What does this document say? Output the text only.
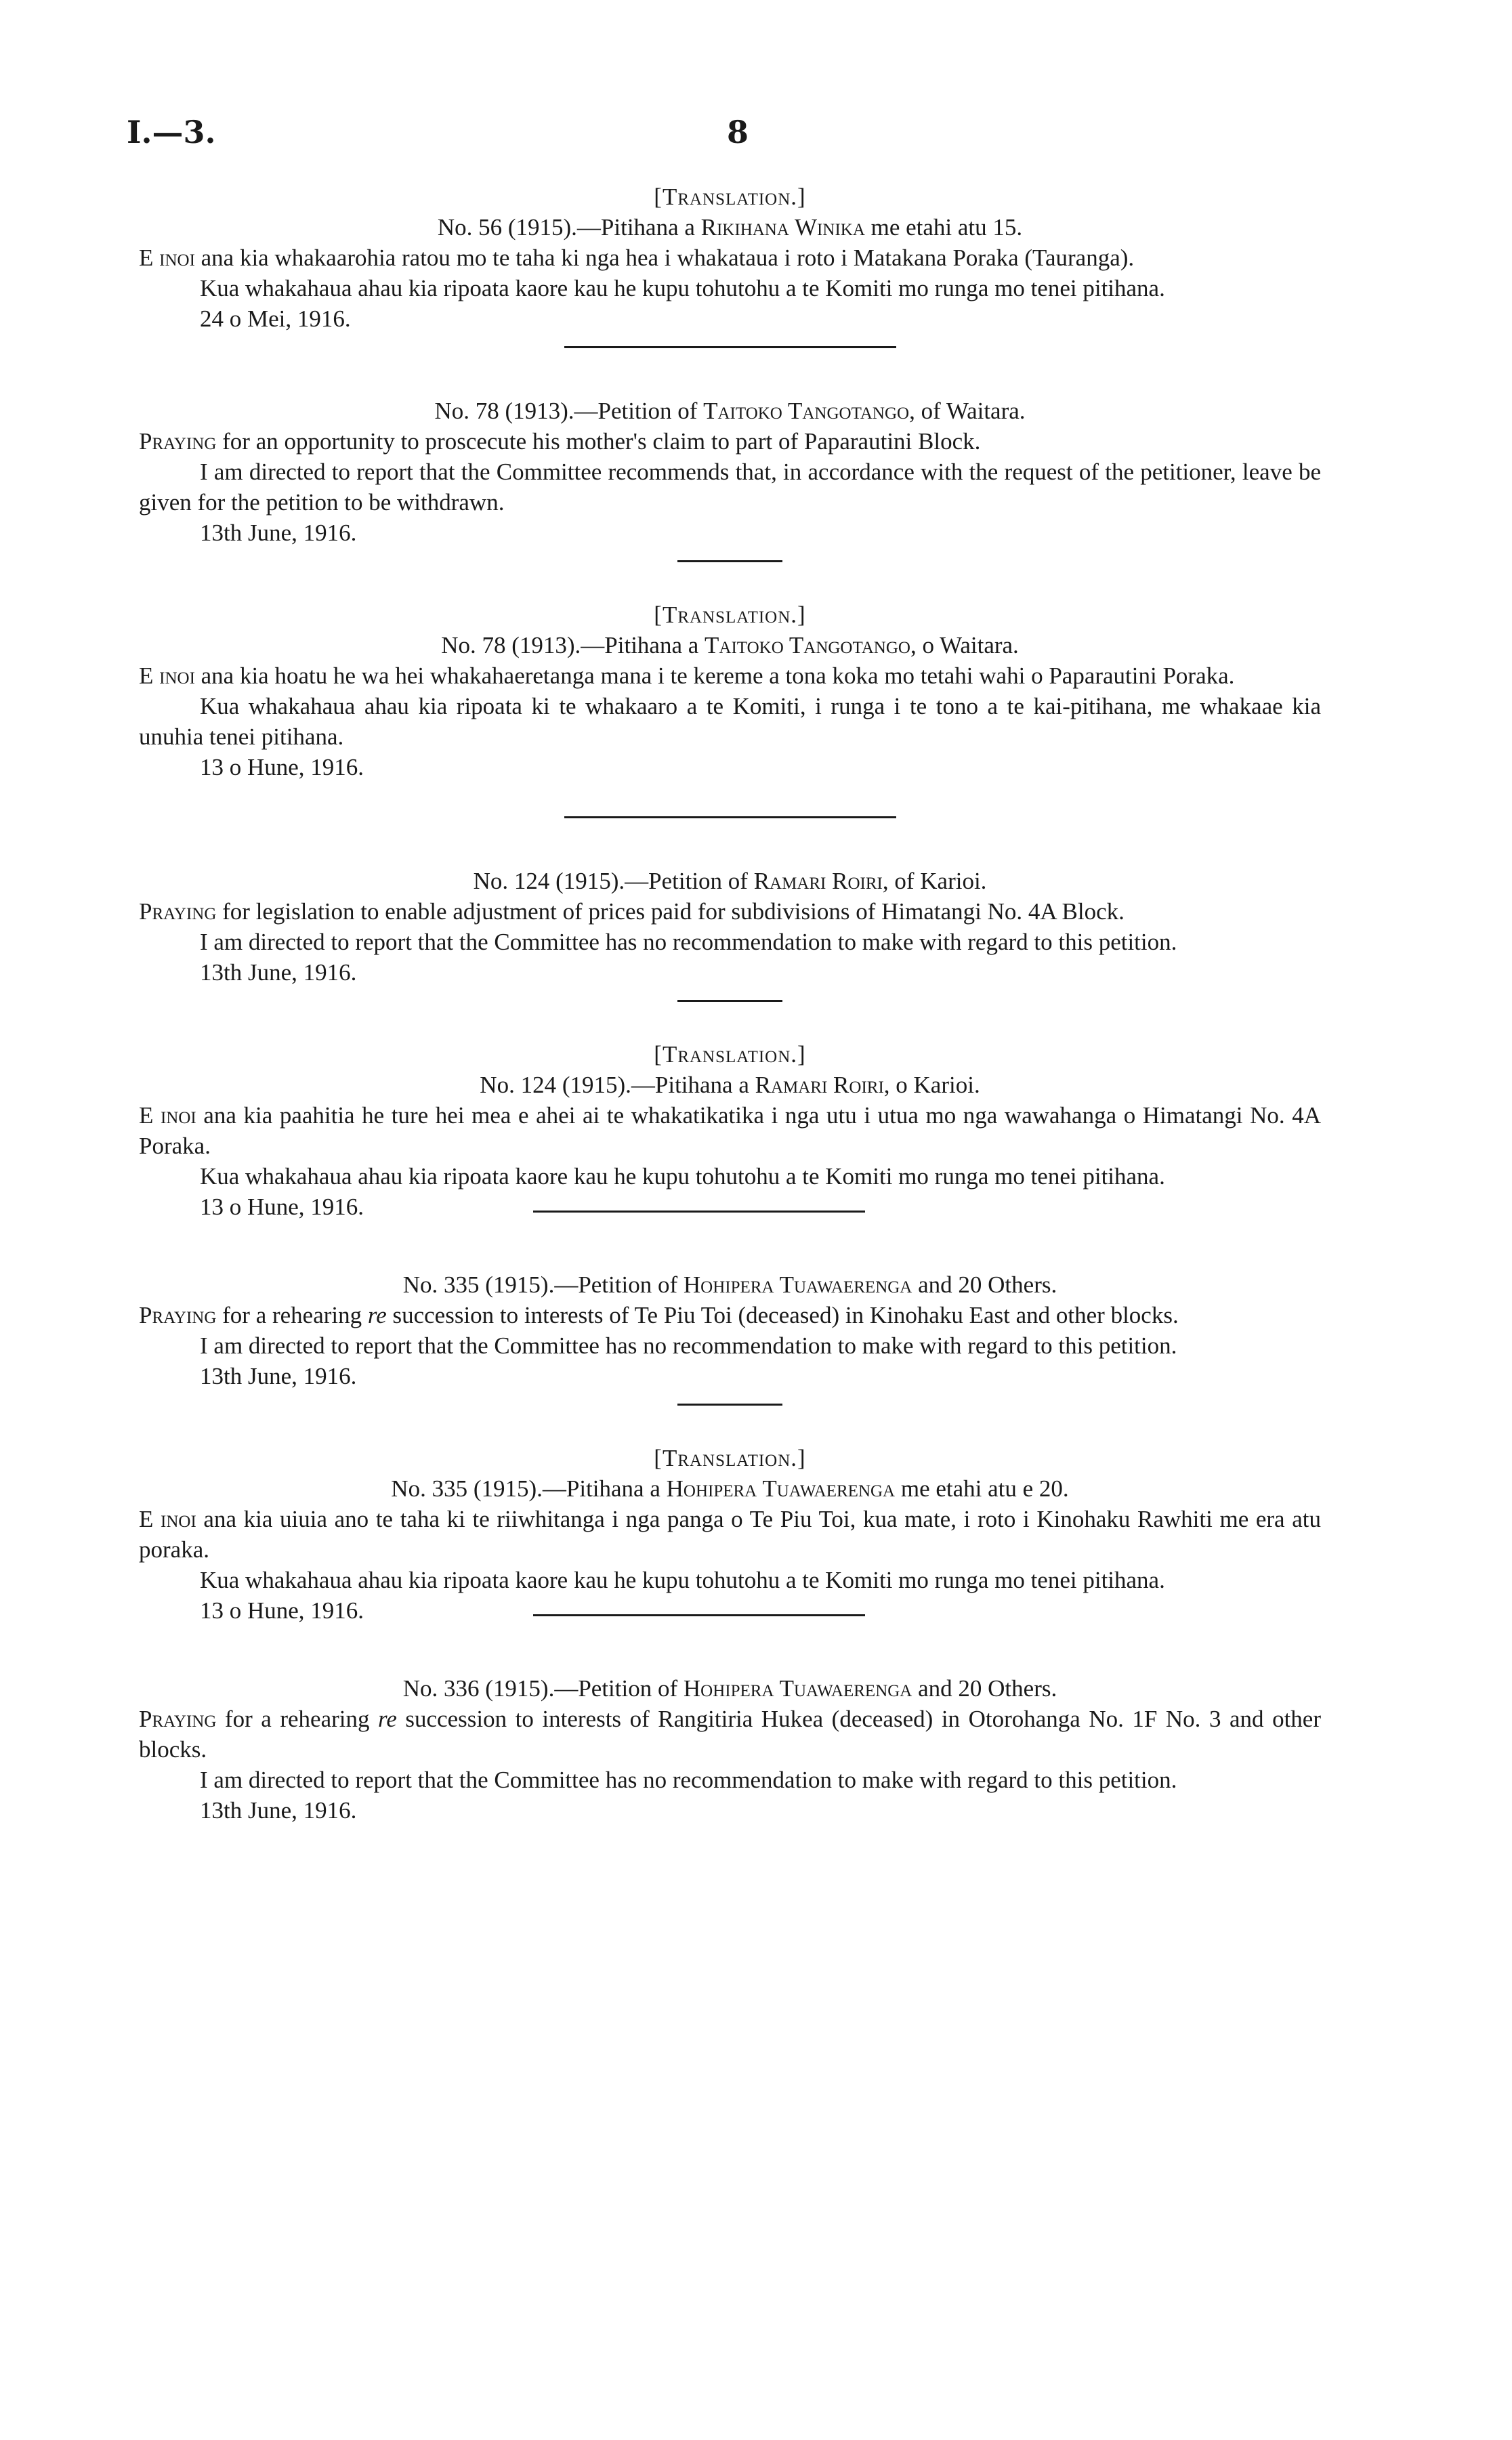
I.—3.	8

[Translation.]

No. 56 (1915).—Pitihana a Rikihana Winika me etahi atu 15.

E inoi ana kia whakaarohia ratou mo te taha ki nga hea i whakataua i roto i Matakana Poraka (Tauranga).

Kua whakahaua ahau kia ripoata kaore kau he kupu tohutohu a te Komiti mo runga mo tenei pitihana.

24 o Mei, 1916.

No. 78 (1913).—Petition of Taitoko Tangotango, of Waitara.

Praying for an opportunity to proscecute his mother's claim to part of Paparautini Block.

I am directed to report that the Committee recommends that, in accordance with the request of the petitioner, leave be given for the petition to be withdrawn.

13th June, 1916.

[Translation.]

No. 78 (1913).—Pitihana a Taitoko Tangotango, o Waitara.

E inoi ana kia hoatu he wa hei whakahaeretanga mana i te kereme a tona koka mo tetahi wahi o Paparautini Poraka.

Kua whakahaua ahau kia ripoata ki te whakaaro a te Komiti, i runga i te tono a te kai-pitihana, me whakaae kia unuhia tenei pitihana.

13 o Hune, 1916.

No. 124 (1915).—Petition of Ramari Roiri, of Karioi.

Praying for legislation to enable adjustment of prices paid for subdivisions of Himatangi No. 4A Block.

I am directed to report that the Committee has no recommendation to make with regard to this petition.

13th June, 1916.

[Translation.]

No. 124 (1915).—Pitihana a Ramari Roiri, o Karioi.

E inoi ana kia paahitia he ture hei mea e ahei ai te whakatikatika i nga utu i utua mo nga wawahanga o Himatangi No. 4A Poraka.

Kua whakahaua ahau kia ripoata kaore kau he kupu tohutohu a te Komiti mo runga mo tenei pitihana.

13 o Hune, 1916.

No. 335 (1915).—Petition of Hohipera Tuawaerenga and 20 Others.

Praying for a rehearing re succession to interests of Te Piu Toi (deceased) in Kinohaku East and other blocks.

I am directed to report that the Committee has no recommendation to make with regard to this petition.

13th June, 1916.

[Translation.]

No. 335 (1915).—Pitihana a Hohipera Tuawaerenga me etahi atu e 20.

E inoi ana kia uiuia ano te taha ki te riiwhitanga i nga panga o Te Piu Toi, kua mate, i roto i Kinohaku Rawhiti me era atu poraka.

Kua whakahaua ahau kia ripoata kaore kau he kupu tohutohu a te Komiti mo runga mo tenei pitihana.

13 o Hune, 1916.

No. 336 (1915).—Petition of Hohipera Tuawaerenga and 20 Others.

Praying for a rehearing re succession to interests of Rangitiria Hukea (deceased) in Otorohanga No. 1F No. 3 and other blocks.

I am directed to report that the Committee has no recommendation to make with regard to this petition.

13th June, 1916.
